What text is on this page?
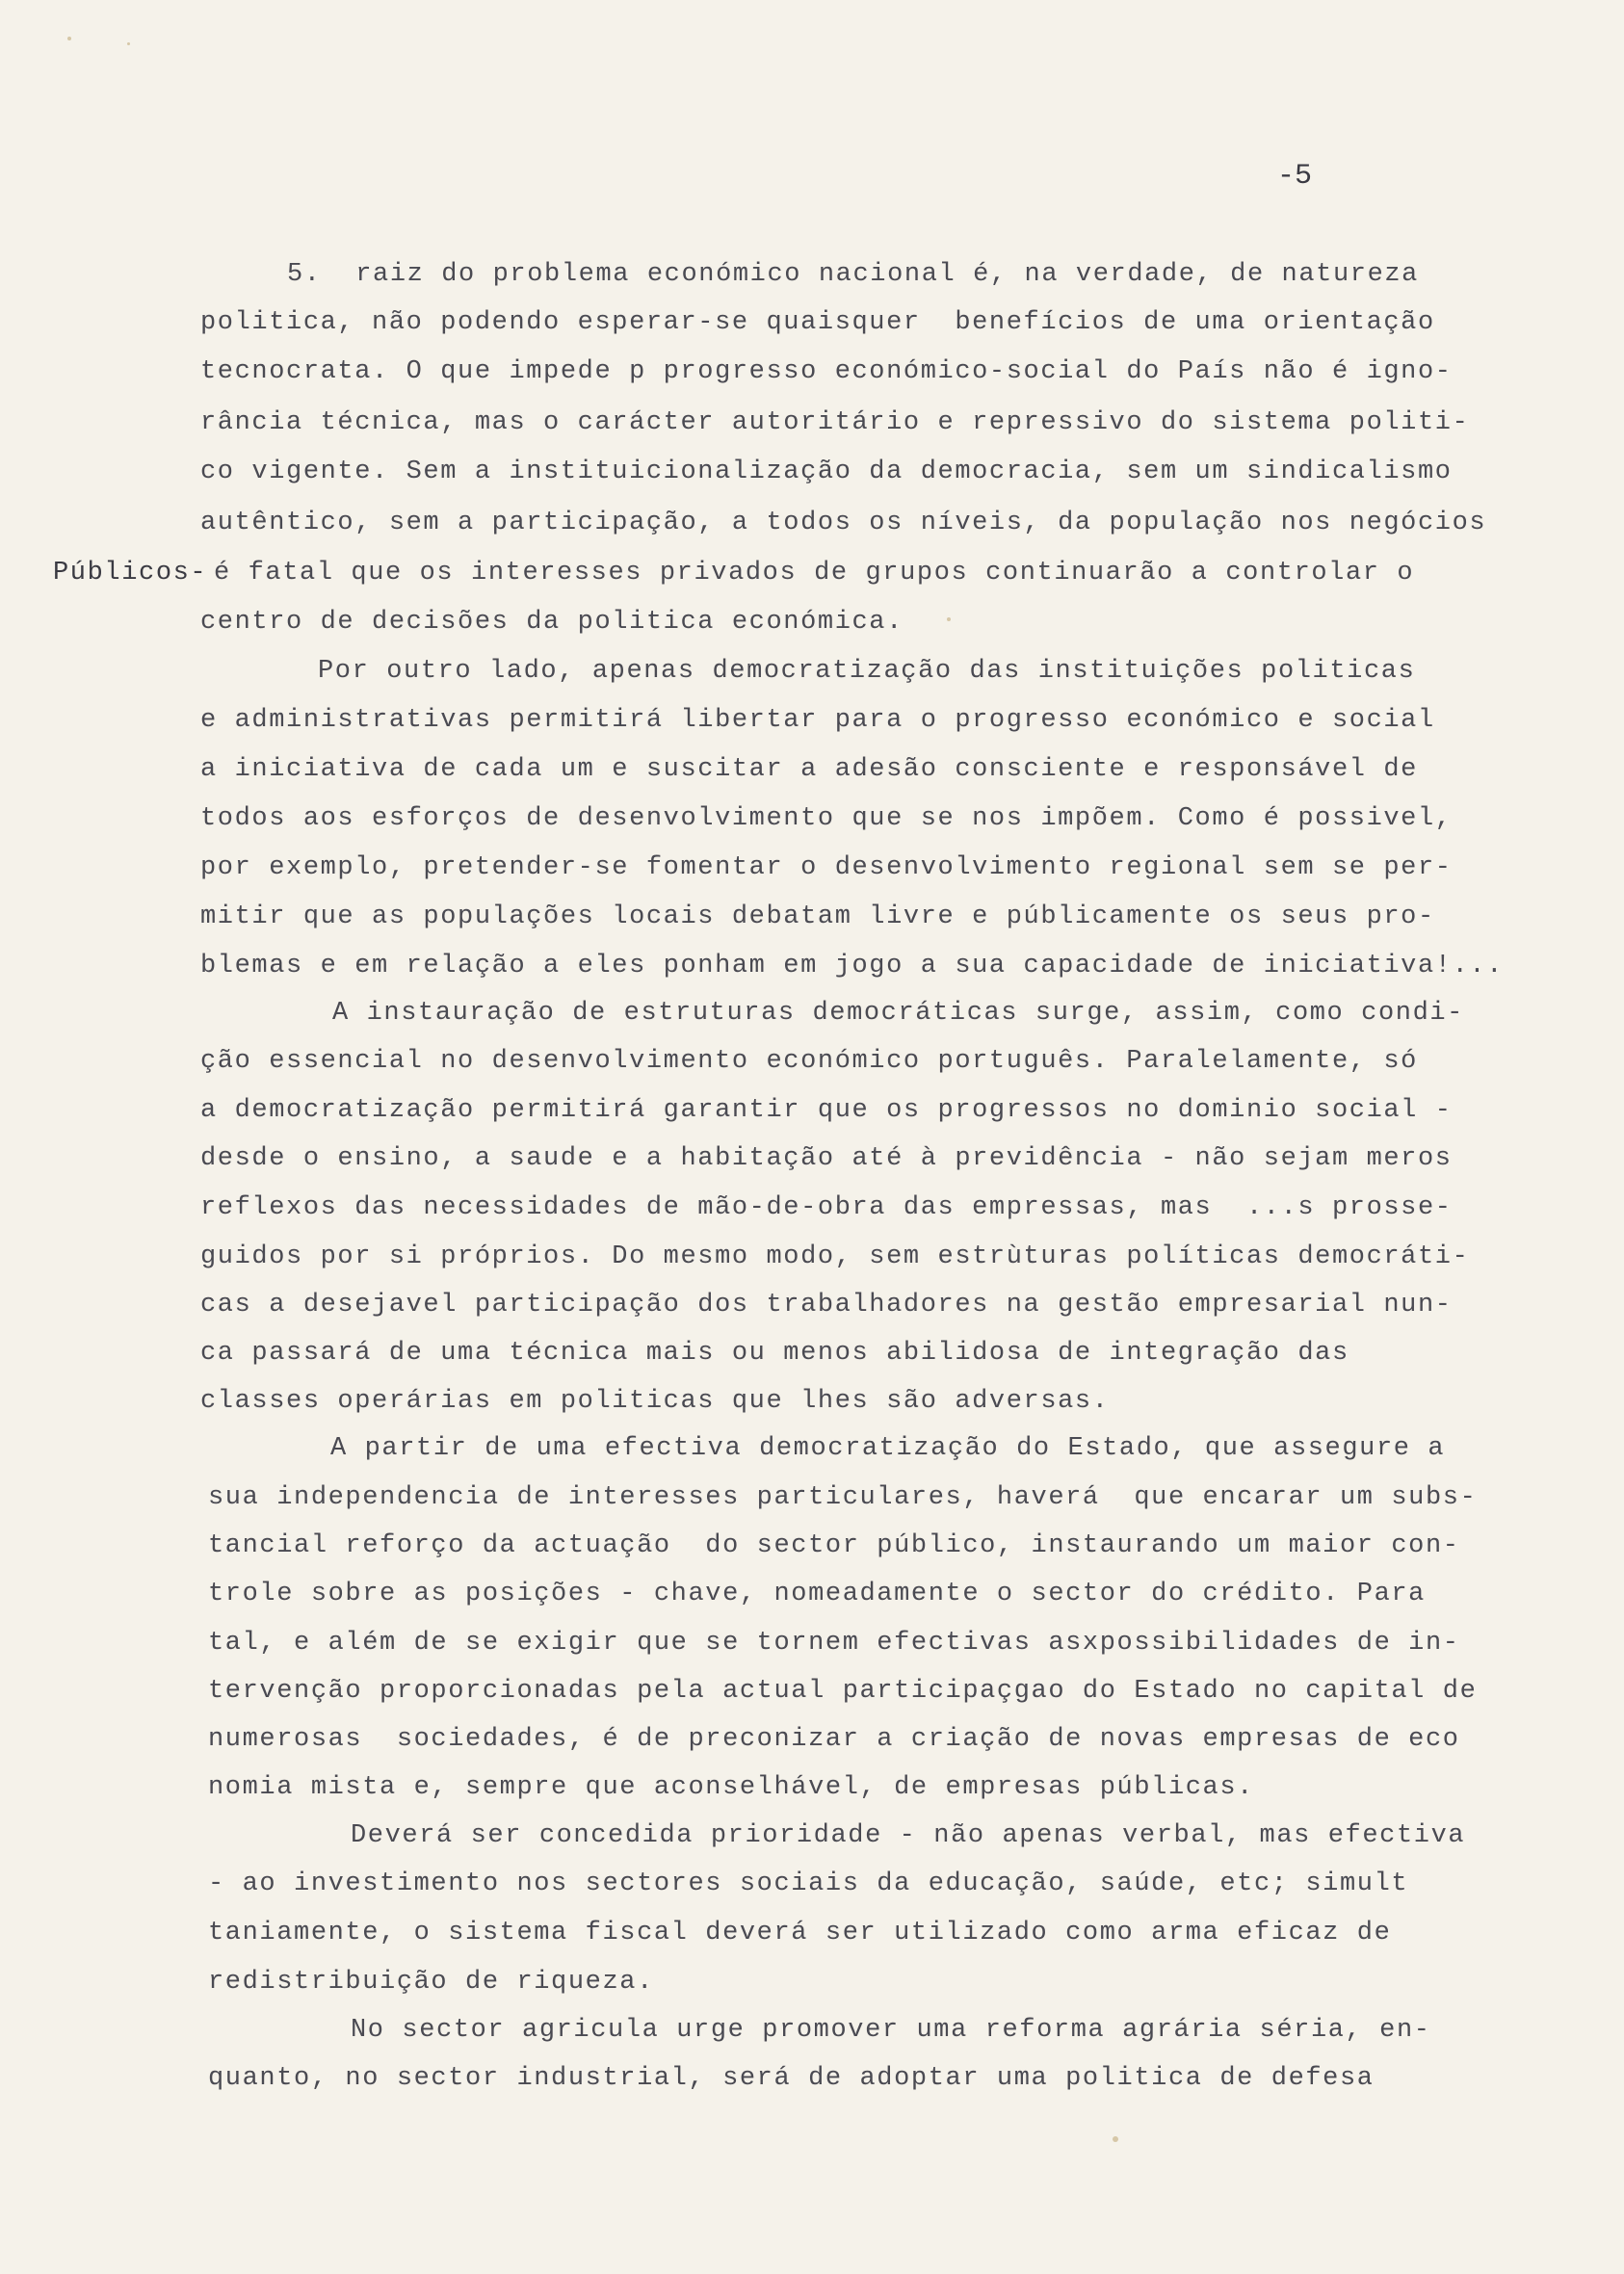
-5
Públicos-
5.  raiz do problema económico nacional é, na verdade, de natureza
politica, não podendo esperar-se quaisquer  benefícios de uma orientação
tecnocrata. O que impede p progresso económico-social do País não é igno-
rância técnica, mas o carácter autoritário e repressivo do sistema politi-
co vigente. Sem a instituicionalização da democracia, sem um sindicalismo
autêntico, sem a participação, a todos os níveis, da população nos negócios
é fatal que os interesses privados de grupos continuarão a controlar o
centro de decisões da politica económica.
Por outro lado, apenas democratização das instituições politicas
e administrativas permitirá libertar para o progresso económico e social
a iniciativa de cada um e suscitar a adesão consciente e responsável de
todos aos esforços de desenvolvimento que se nos impõem. Como é possivel,
por exemplo, pretender-se fomentar o desenvolvimento regional sem se per-
mitir que as populações locais debatam livre e públicamente os seus pro-
blemas e em relação a eles ponham em jogo a sua capacidade de iniciativa!...
A instauração de estruturas democráticas surge, assim, como condi-
ção essencial no desenvolvimento económico português. Paralelamente, só
a democratização permitirá garantir que os progressos no dominio social -
desde o ensino, a saude e a habitação até à previdência - não sejam meros
reflexos das necessidades de mão-de-obra das empressas, mas  ...s prosse-
guidos por si próprios. Do mesmo modo, sem estrùturas políticas democráti-
cas a desejavel participação dos trabalhadores na gestão empresarial nun-
ca passará de uma técnica mais ou menos abilidosa de integração das
classes operárias em politicas que lhes são adversas.
A partir de uma efectiva democratização do Estado, que assegure a
sua independencia de interesses particulares, haverá  que encarar um subs-
tancial reforço da actuação  do sector público, instaurando um maior con-
trole sobre as posições - chave, nomeadamente o sector do crédito. Para
tal, e além de se exigir que se tornem efectivas asxpossibilidades de in-
tervenção proporcionadas pela actual participaçgao do Estado no capital de
numerosas  sociedades, é de preconizar a criação de novas empresas de eco
nomia mista e, sempre que aconselhável, de empresas públicas.
Deverá ser concedida prioridade - não apenas verbal, mas efectiva
- ao investimento nos sectores sociais da educação, saúde, etc; simult
taniamente, o sistema fiscal deverá ser utilizado como arma eficaz de
redistribuição de riqueza.
No sector agricula urge promover uma reforma agrária séria, en-
quanto, no sector industrial, será de adoptar uma politica de defesa
